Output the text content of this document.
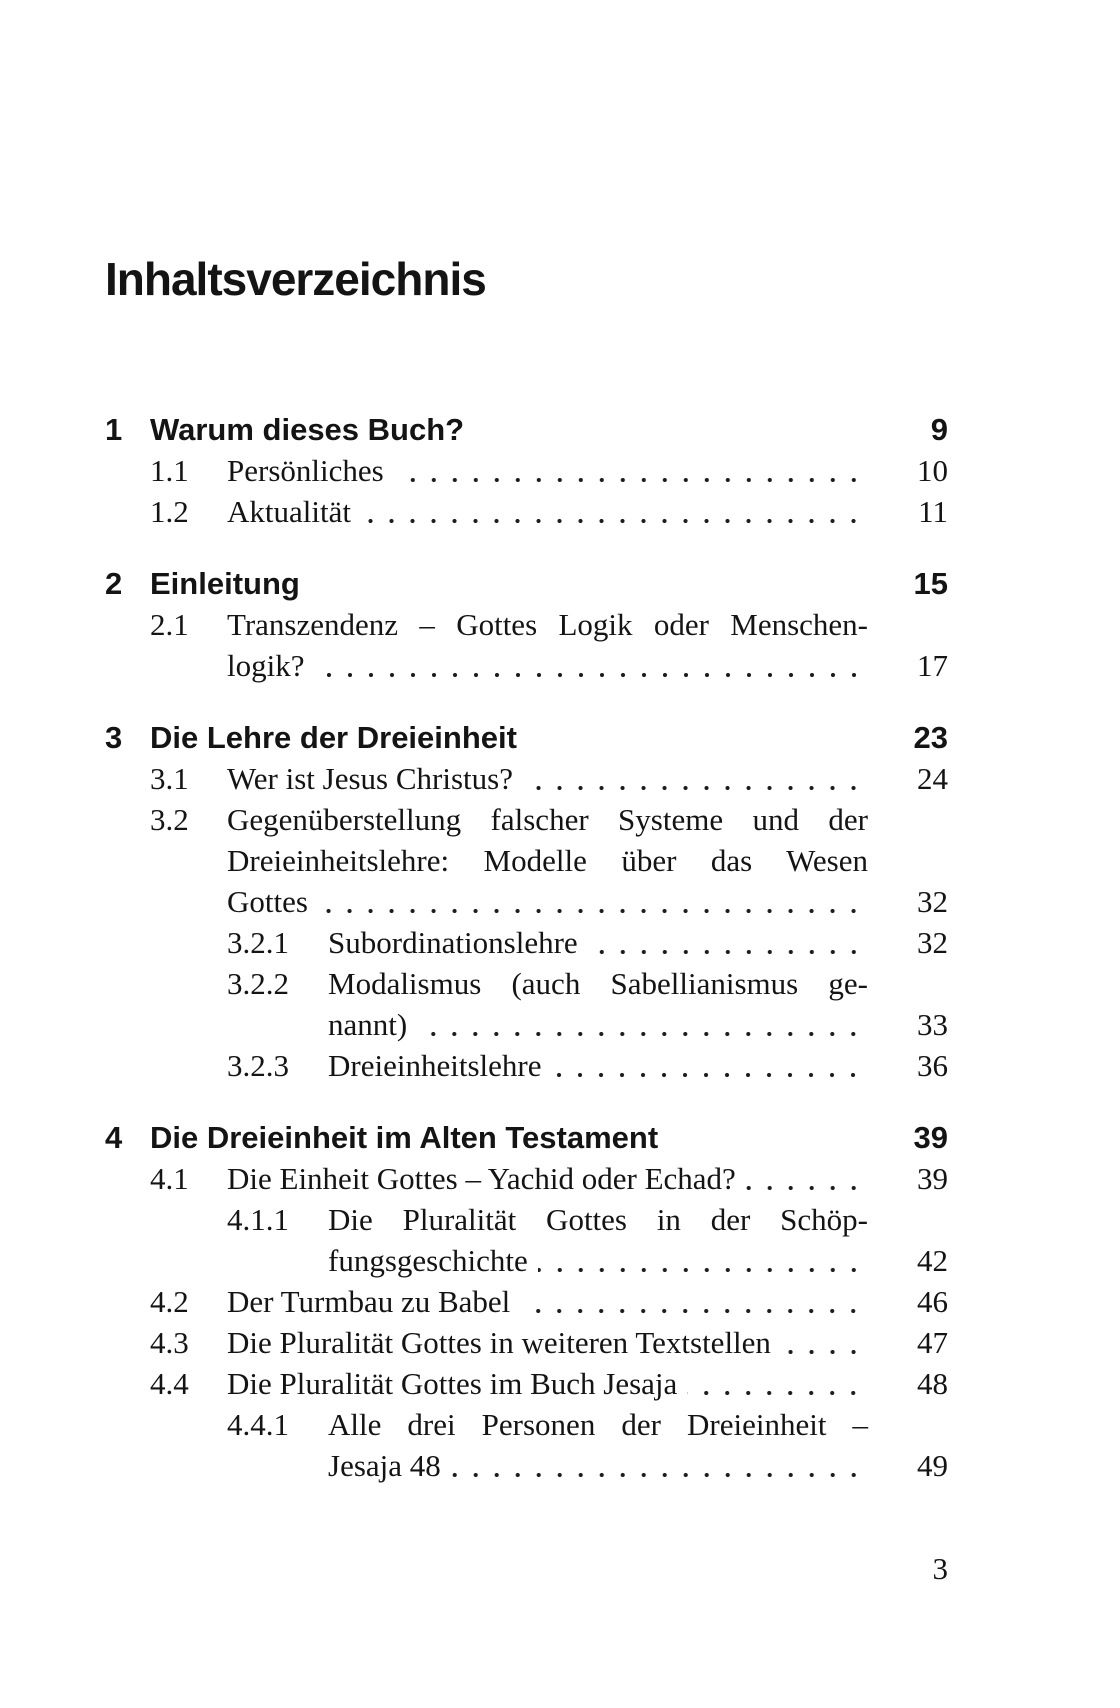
Inhaltsverzeichnis
1 Warum dieses Buch?	9
1.1	Persönliches	10
1.2	Aktualität	11
2 Einleitung	15
2.1	Transzendenz – Gottes Logik oder Menschen-
logik?	17
3 Die Lehre der Dreieinheit	23
3.1	Wer ist Jesus Christus?	24
3.2	Gegenüberstellung falscher Systeme und der
Dreieinheitslehre: Modelle über das Wesen
Gottes	32
3.2.1	Subordinationslehre	32
3.2.2	Modalismus (auch Sabellianismus ge-
nannt)	33
3.2.3	Dreieinheitslehre	36
4 Die Dreieinheit im Alten Testament	39
4.1	Die Einheit Gottes – Yachid oder Echad?	39
4.1.1	Die Pluralität Gottes in der Schöp-
fungsgeschichte	42
4.2	Der Turmbau zu Babel	46
4.3	Die Pluralität Gottes in weiteren Textstellen	47
4.4	Die Pluralität Gottes im Buch Jesaja	48
4.4.1	Alle drei Personen der Dreieinheit –
Jesaja 48	49
3
